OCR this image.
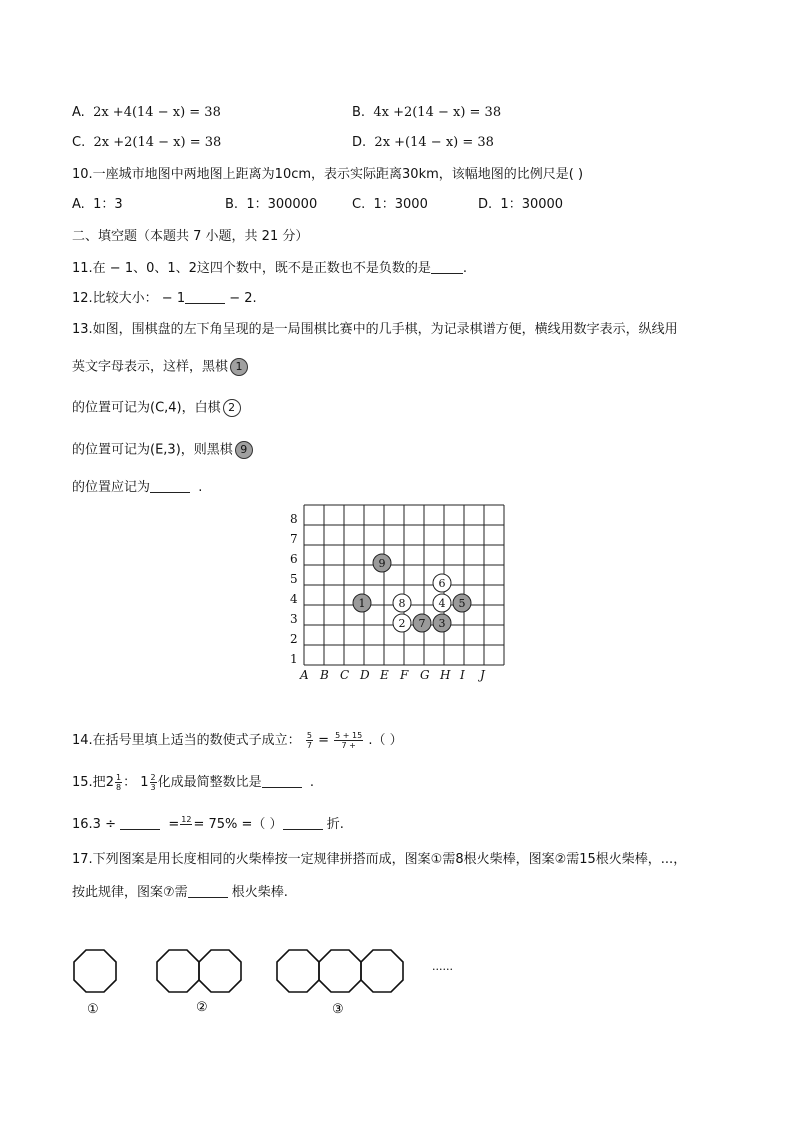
A. 2x +4(14 − x) = 38	B. 4x +2(14 − x) = 38
C. 2x +2(14 − x) = 38	D. 2x +(14 − x) = 38
10.一座城市地图中两地图上距离为10cm，表示实际距离30km，该幅地图的比例尺是( )
A. 1：3	B. 1：300000	C. 1：3000	D. 1：30000
二、填空题（本题共 7 小题，共 21 分）
11.在 − 1、0、1、2这四个数中，既不是正数也不是负数的是 .
12.比较大小： − 1	− 2.
13.如图，围棋盘的左下角呈现的是一局围棋比赛中的几手棋，为记录棋谱方便，横线用数字表示，纵线用
英文字母表示，这样，黑棋 1
的位置可记为(C,4)，白棋 2
的位置可记为(E,3)，则黑棋 9
的位置应记为	.
8
7
6
5
4
3
2
1
A B C D E F G H I J
9
6
1	8	4 5
2 7 3
14.在括号里填上适当的数使式子成立： $\frac{5}{7} = \frac{5 + 15}{7 +}$ .（ ）
15.把$2 \frac{1}{8}$ ： $1 \frac{2}{3}$ 化成最简整数比是	.
16.3 ÷	= 12
= 75% =（ ）	折.
17.下列图案是用长度相同的火柴棒按一定规律拼搭而成，图案①需8根火柴棒，图案②需15根火柴棒，...，
按此规律，图案⑦需	根火柴棒.
......
①	②	③
